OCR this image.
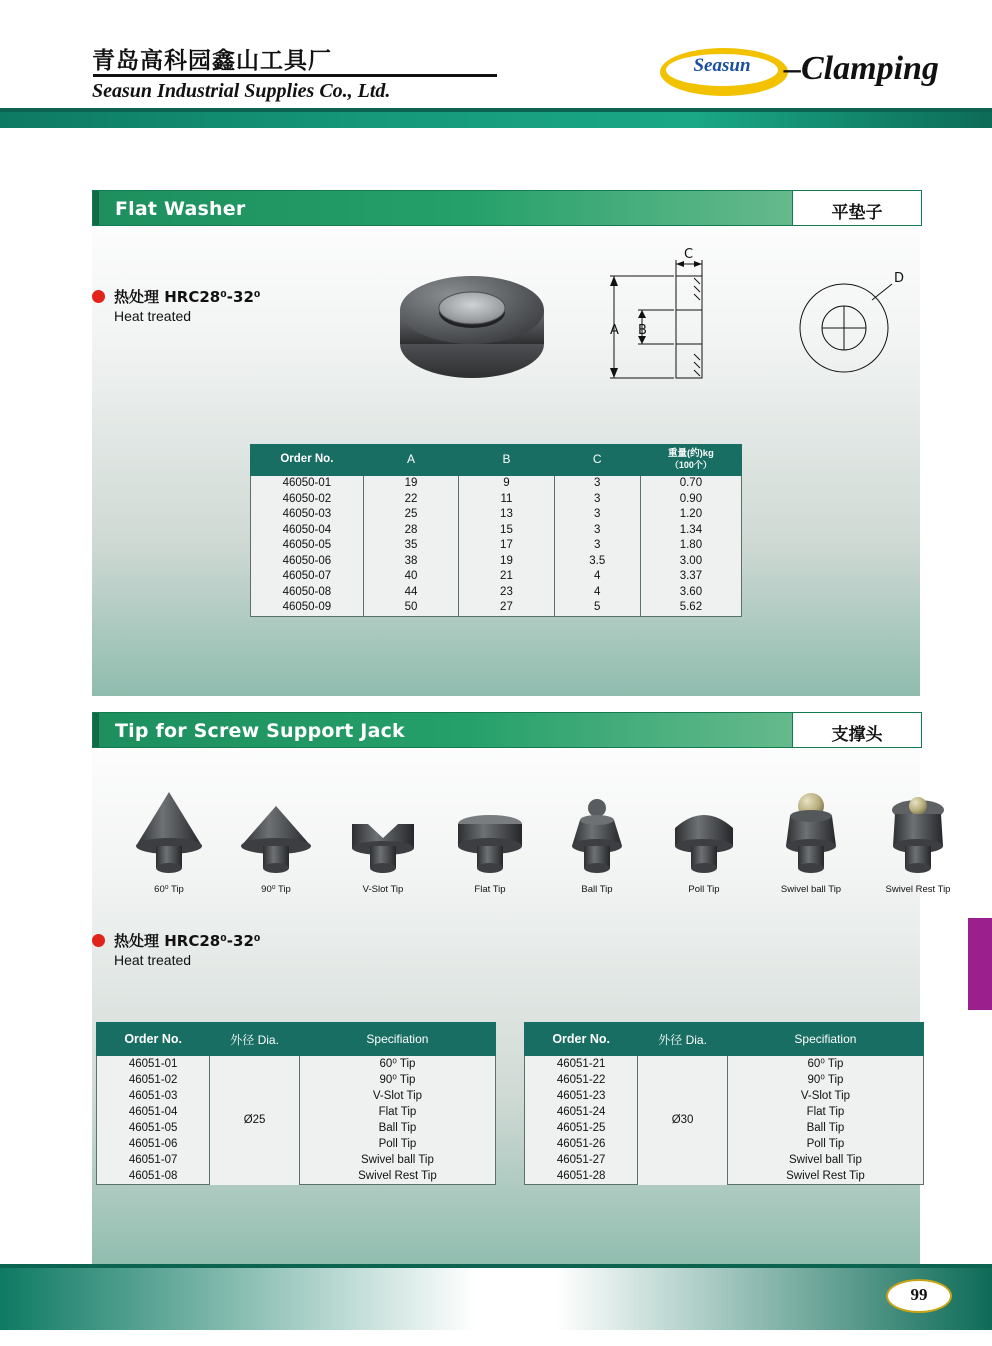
青岛高科园鑫山工具厂
Seasun Industrial Supplies Co., Ltd.
Seasun –Clamping
Flat Washer	平垫子
热处理 HRC28⁰-32⁰
Heat treated
A B
C
D
Order No.	A	B	C	重量(约)kg
（100个）

46050-01	19	9	3	0.70
46050-02	22	11	3	0.90
46050-03	25	13	3	1.20
46050-04	28	15	3	1.34
46050-05	35	17	3	1.80
46050-06	38	19	3.5	3.00
46050-07	40	21	4	3.37
46050-08	44	23	4	3.60
46050-09	50	27	5	5.62
Tip for Screw Support Jack	支撑头
60⁰ Tip	90⁰ Tip	V-Slot Tip	Flat Tip	Ball Tip	Poll Tip	Swivel ball Tip	Swivel Rest Tip
热处理 HRC28⁰-32⁰
Heat treated
Order No.	外径 Dia.	Specifiation
46051-01	Ø25	60⁰ Tip
46051-02		90⁰ Tip
46051-03		V-Slot Tip
46051-04		Flat Tip
46051-05		Ball Tip
46051-06		Poll Tip
46051-07		Swivel ball Tip
46051-08		Swivel Rest Tip
Order No.	外径 Dia.	Specifiation
46051-21	Ø30	60⁰ Tip
46051-22		90⁰ Tip
46051-23		V-Slot Tip
46051-24		Flat Tip
46051-25		Ball Tip
46051-26		Poll Tip
46051-27		Swivel ball Tip
46051-28		Swivel Rest Tip
99
